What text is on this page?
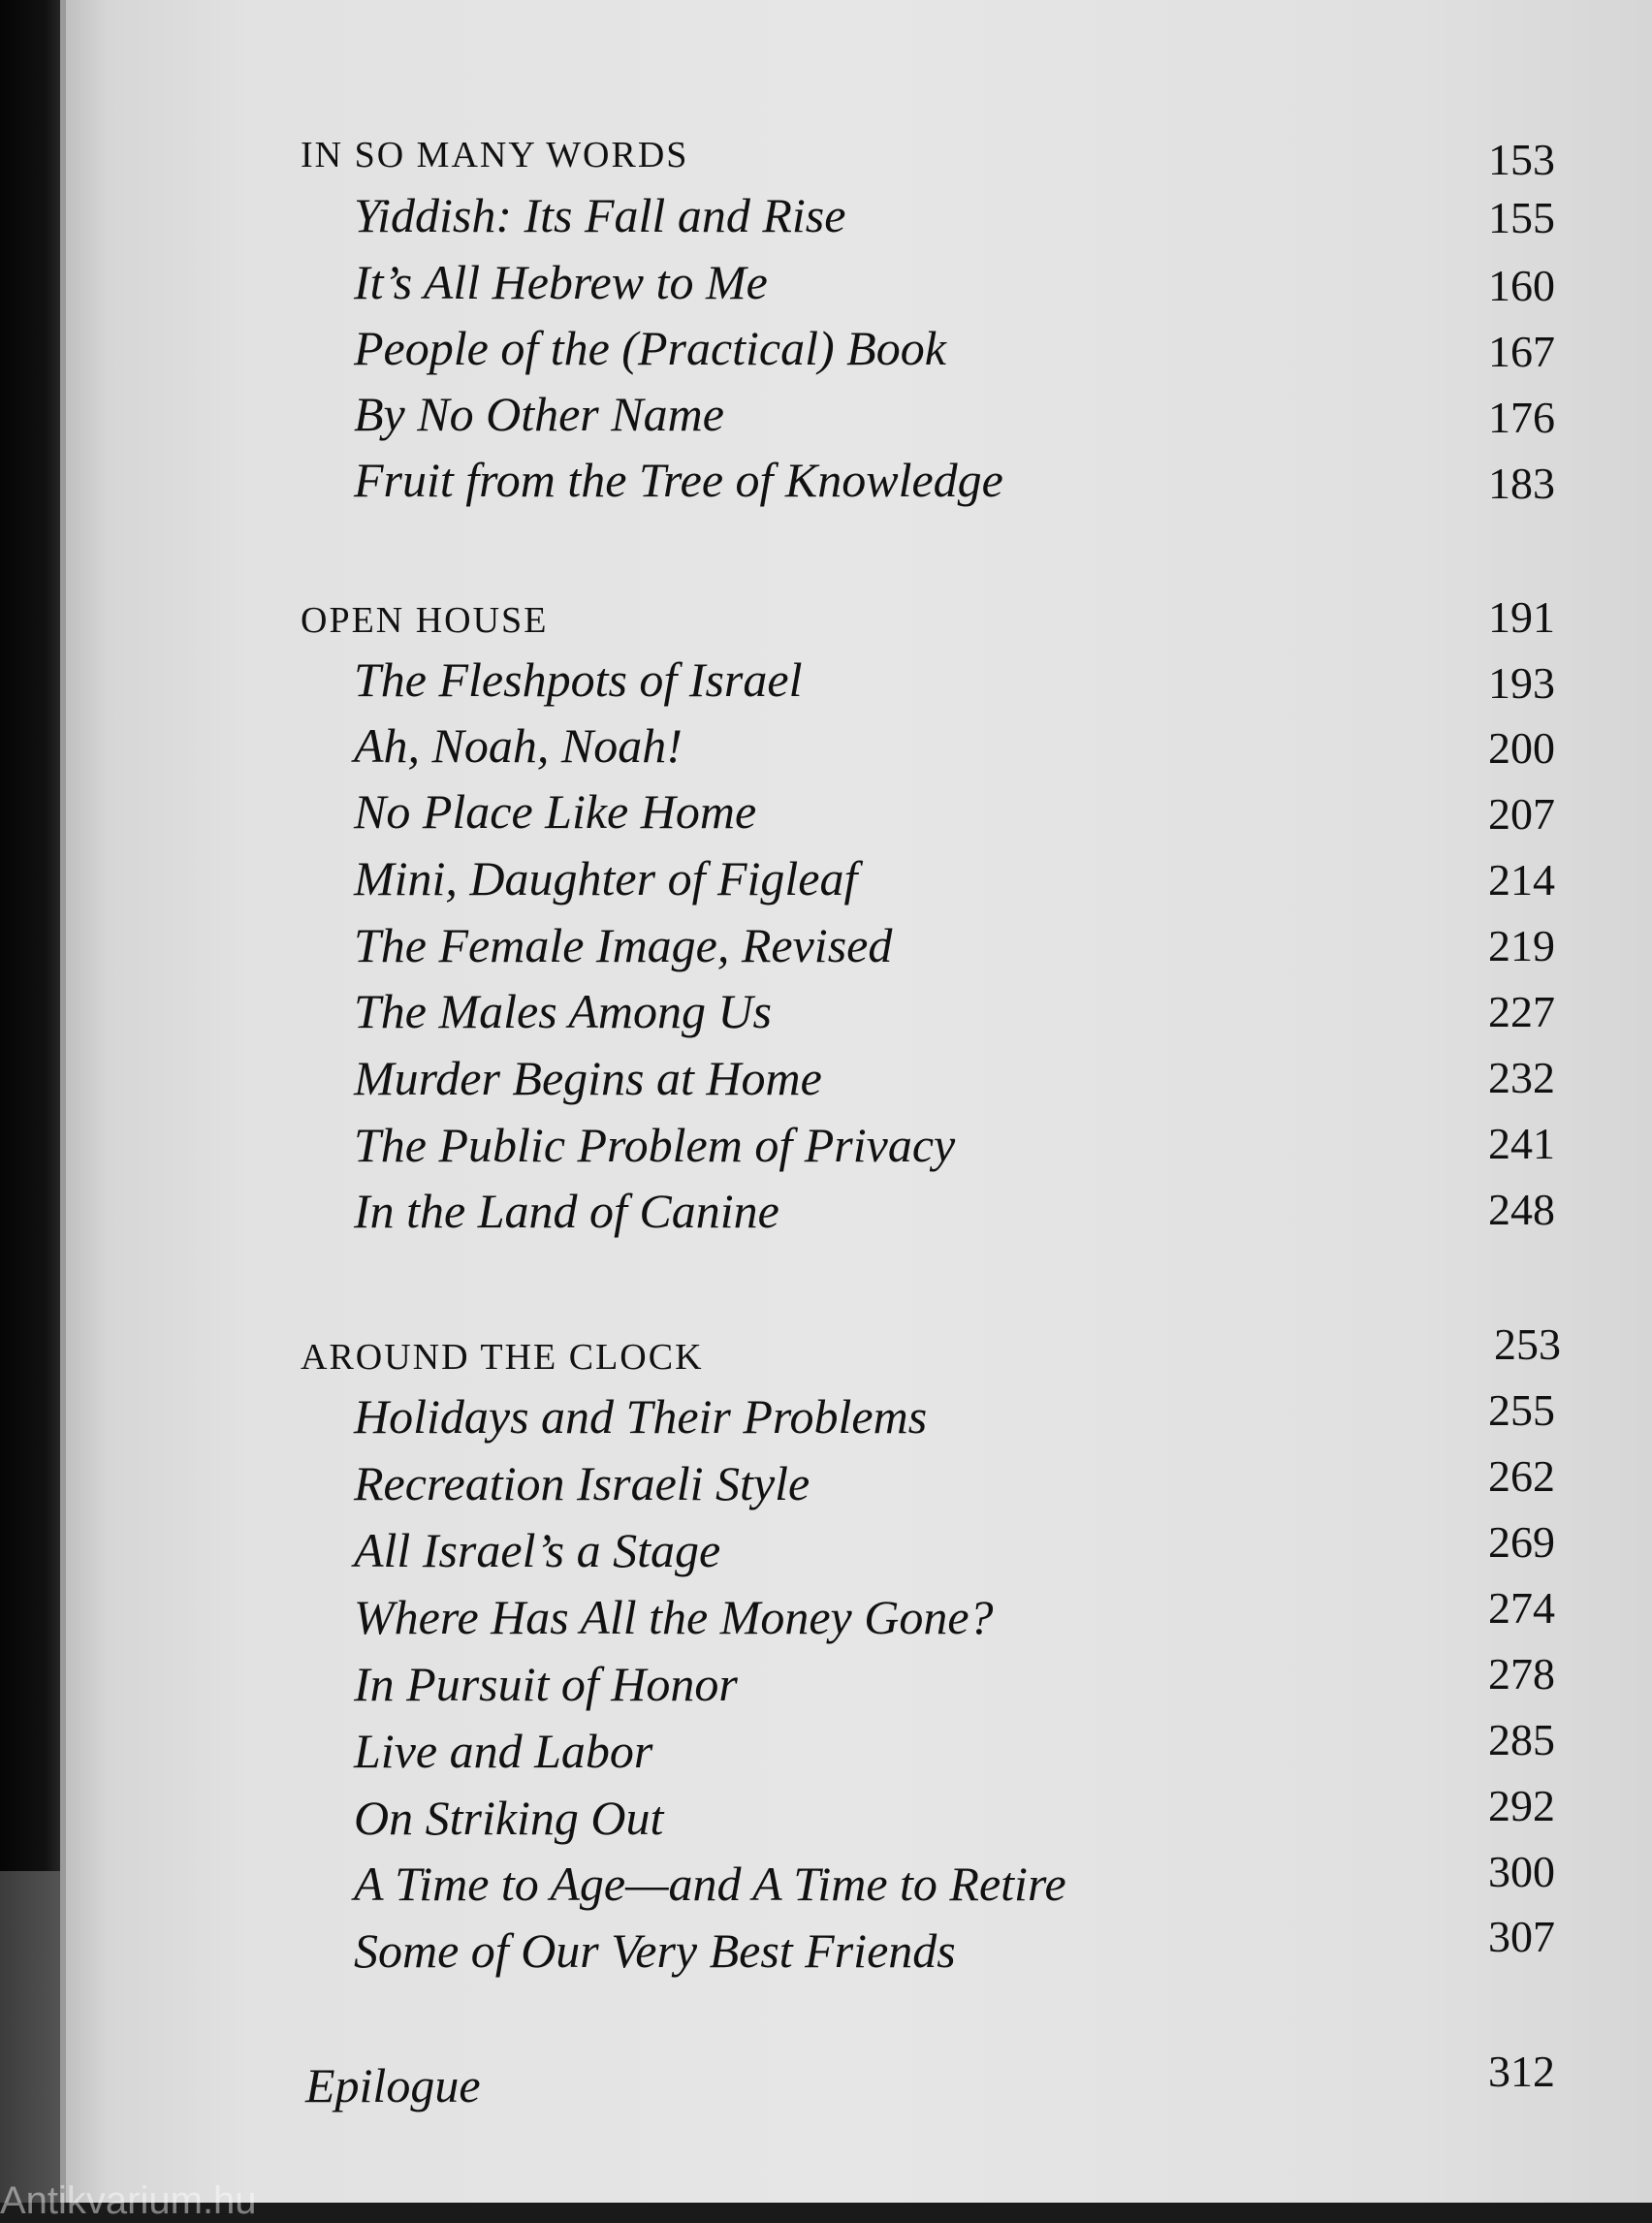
IN SO MANY WORDS	153
Yiddish: Its Fall and Rise	155
It’s All Hebrew to Me	160
People of the (Practical) Book	167
By No Other Name	176
Fruit from the Tree of Knowledge	183
OPEN HOUSE	191
The Fleshpots of Israel	193
Ah, Noah, Noah!	200
No Place Like Home	207
Mini, Daughter of Figleaf	214
The Female Image, Revised	219
The Males Among Us	227
Murder Begins at Home	232
The Public Problem of Privacy	241
In the Land of Canine	248
AROUND THE CLOCK	253
Holidays and Their Problems	255
Recreation Israeli Style	262
All Israel’s a Stage	269
Where Has All the Money Gone?	274
In Pursuit of Honor	278
Live and Labor	285
On Striking Out	292
A Time to Age—and A Time to Retire	300
Some of Our Very Best Friends	307
Epilogue	312
Antikvarium.hu
